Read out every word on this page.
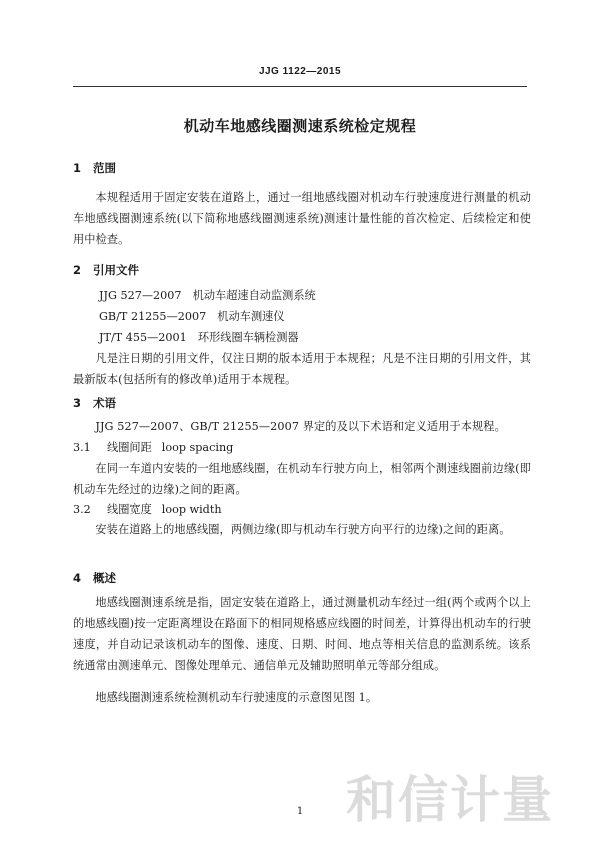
JJG 1122—2015
机动车地感线圈测速系统检定规程
1 范围
本规程适用于固定安装在道路上，通过一组地感线圈对机动车行驶速度进行测量的机动车地感线圈测速系统(以下简称地感线圈测速系统)测速计量性能的首次检定、后续检定和使用中检查。
2 引用文件
JJG 527—2007　机动车超速自动监测系统
GB/T 21255—2007　机动车测速仪
JT/T 455—2001　环形线圈车辆检测器
凡是注日期的引用文件，仅注日期的版本适用于本规程；凡是不注日期的引用文件，其最新版本(包括所有的修改单)适用于本规程。
3 术语
JJG 527—2007、GB/T 21255—2007 界定的及以下术语和定义适用于本规程。
3.1 线圈间距 loop spacing
在同一车道内安装的一组地感线圈，在机动车行驶方向上，相邻两个测速线圈前边缘(即机动车先经过的边缘)之间的距离。
3.2 线圈宽度 loop width
安装在道路上的地感线圈，两侧边缘(即与机动车行驶方向平行的边缘)之间的距离。
4 概述
地感线圈测速系统是指，固定安装在道路上，通过测量机动车经过一组(两个或两个以上的地感线圈)按一定距离埋设在路面下的相同规格感应线圈的时间差，计算得出机动车的行驶速度，并自动记录该机动车的图像、速度、日期、时间、地点等相关信息的监测系统。该系统通常由测速单元、图像处理单元、通信单元及辅助照明单元等部分组成。
地感线圈测速系统检测机动车行驶速度的示意图见图 1。
和信计量
1
